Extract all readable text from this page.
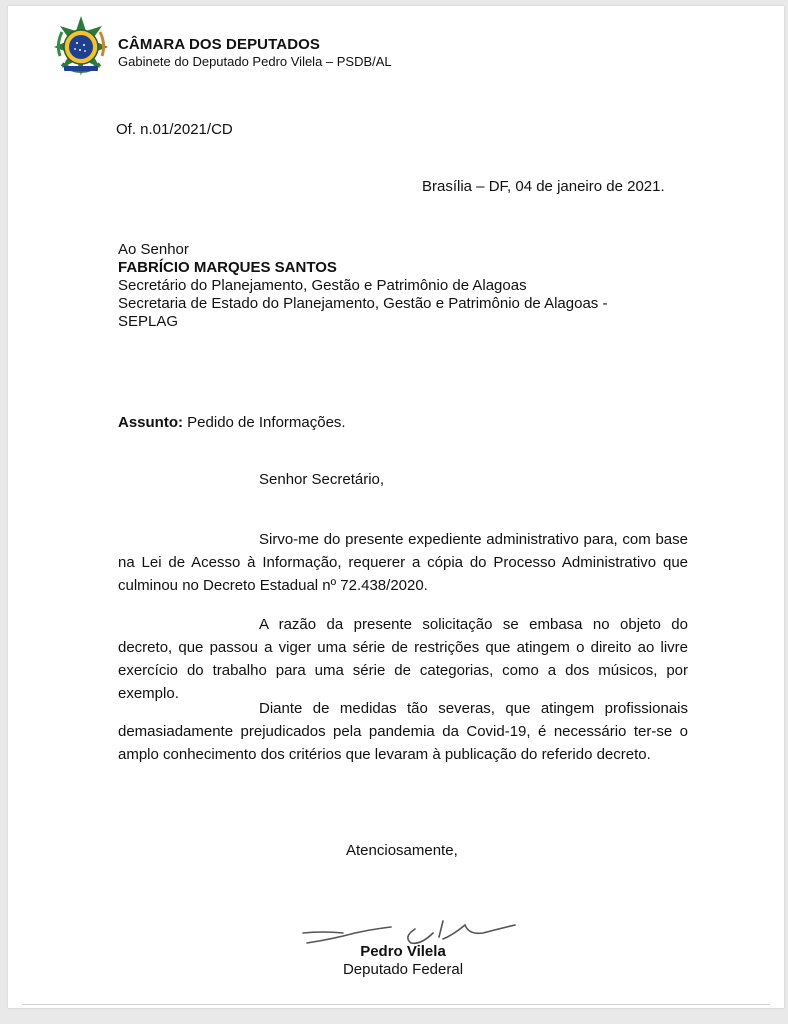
CÂMARA DOS DEPUTADOS
Gabinete do Deputado Pedro Vilela – PSDB/AL
Of. n.01/2021/CD
Brasília – DF, 04 de janeiro de 2021.
Ao Senhor
FABRÍCIO MARQUES SANTOS
Secretário do Planejamento, Gestão e Patrimônio de Alagoas
Secretaria de Estado do Planejamento, Gestão e Patrimônio de Alagoas -
SEPLAG
Assunto: Pedido de Informações.
Senhor Secretário,
Sirvo-me do presente expediente administrativo para, com base na Lei de Acesso à Informação, requerer a cópia do Processo Administrativo que culminou no Decreto Estadual nº 72.438/2020.
A razão da presente solicitação se embasa no objeto do decreto, que passou a viger uma série de restrições que atingem o direito ao livre exercício do trabalho para uma série de categorias, como a dos músicos, por exemplo.
Diante de medidas tão severas, que atingem profissionais demasiadamente prejudicados pela pandemia da Covid-19, é necessário ter-se o amplo conhecimento dos critérios que levaram à publicação do referido decreto.
Atenciosamente,
Pedro Vilela
Deputado Federal
